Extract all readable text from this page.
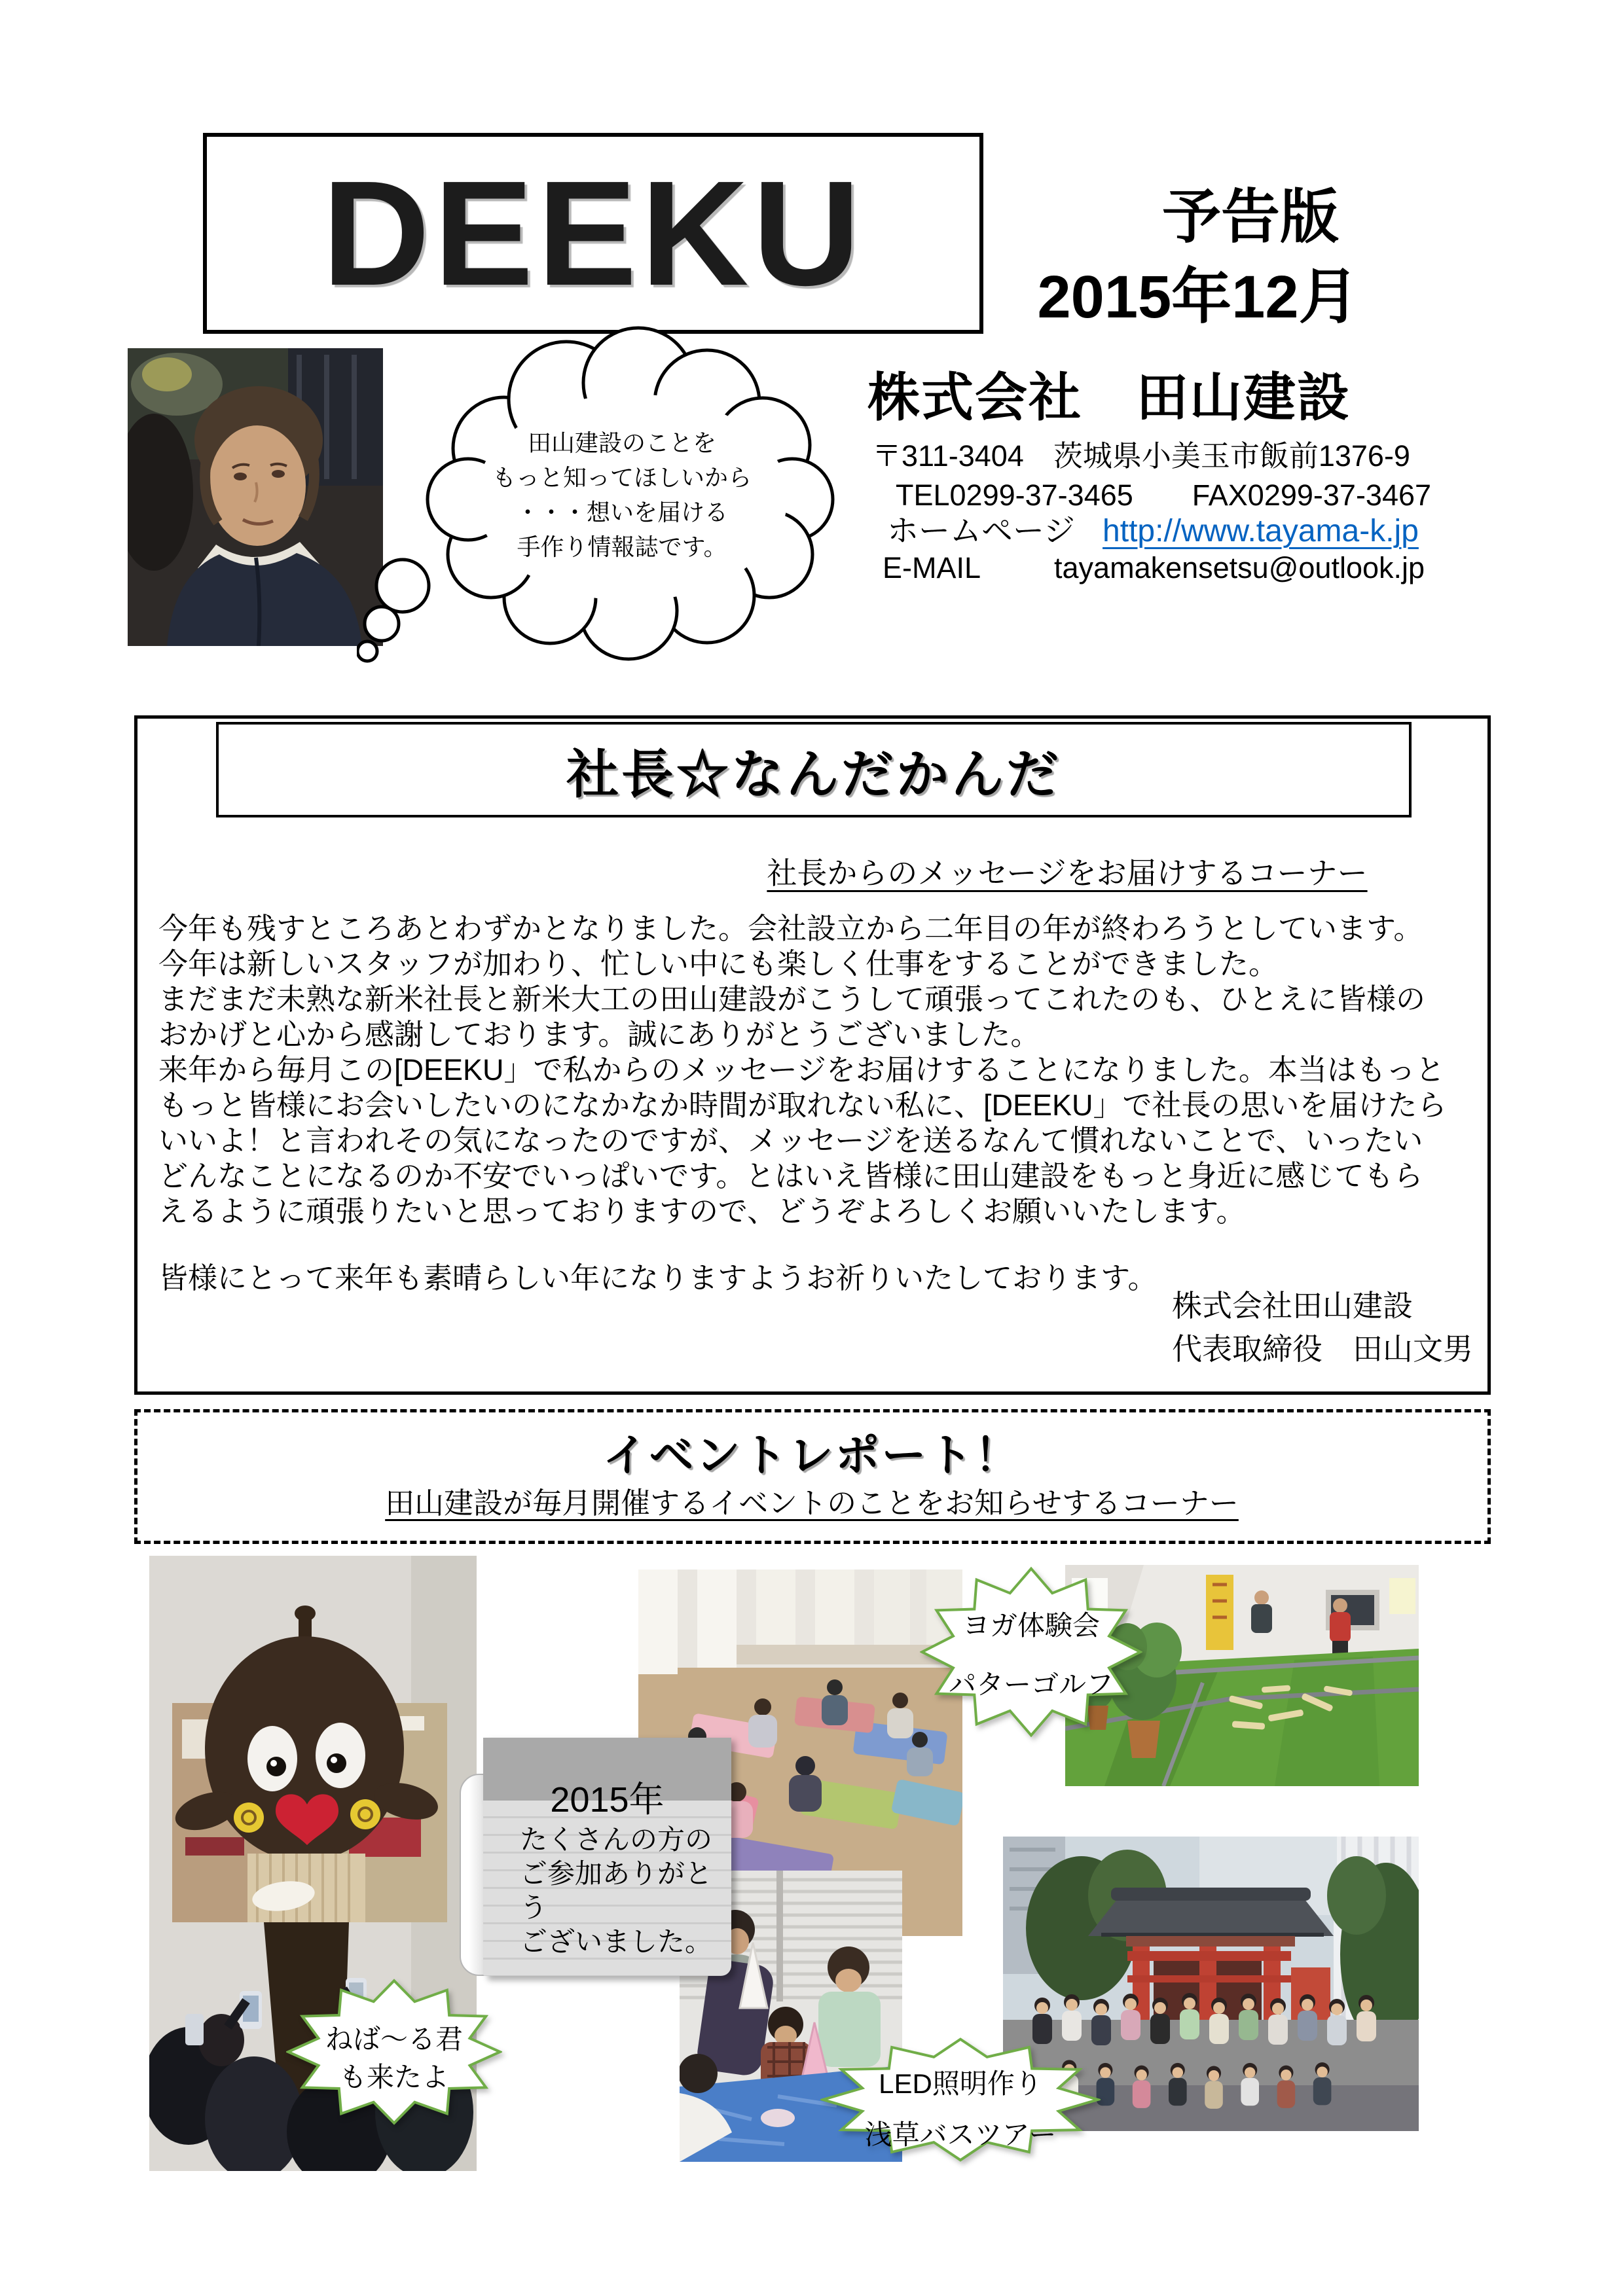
DEEKU	予告版
2015年12月
株式会社　田山建設
〒311-3404　茨城県小美玉市飯前1376-9
TEL0299-37-3465　　FAX0299-37-3467
ホームページ http://www.tayama-k.jp
E-MAIL tayamakensetsu@outlook.jp
田山建設のことを
もっと知ってほしいから
・・・想いを届ける
手作り情報誌です。
社長☆なんだかんだ
社長からのメッセージをお届けするコーナー
今年も残すところあとわずかとなりました。会社設立から二年目の年が終わろうとしています。
今年は新しいスタッフが加わり、忙しい中にも楽しく仕事をすることができました。
まだまだ未熟な新米社長と新米大工の田山建設がこうして頑張ってこれたのも、ひとえに皆様の
おかげと心から感謝しております。誠にありがとうございました。
来年から毎月この[DEEKU」で私からのメッセージをお届けすることになりました。本当はもっと
もっと皆様にお会いしたいのになかなか時間が取れない私に、[DEEKU」で社長の思いを届けたら
いいよ！と言われその気になったのですが、メッセージを送るなんて慣れないことで、いったい
どんなことになるのか不安でいっぱいです。とはいえ皆様に田山建設をもっと身近に感じてもら
えるように頑張りたいと思っておりますので、どうぞよろしくお願いいたします。
皆様にとって来年も素晴らしい年になりますようお祈りいたしております。
株式会社田山建設
代表取締役　田山文男
イベントレポート！
田山建設が毎月開催するイベントのことをお知らせするコーナー
2015年
たくさんの方の
ご参加ありがとう
ございました。
ヨガ体験会
パターゴルフ
LED照明作り
浅草バスツアー
ねば〜る君
も来たよ
